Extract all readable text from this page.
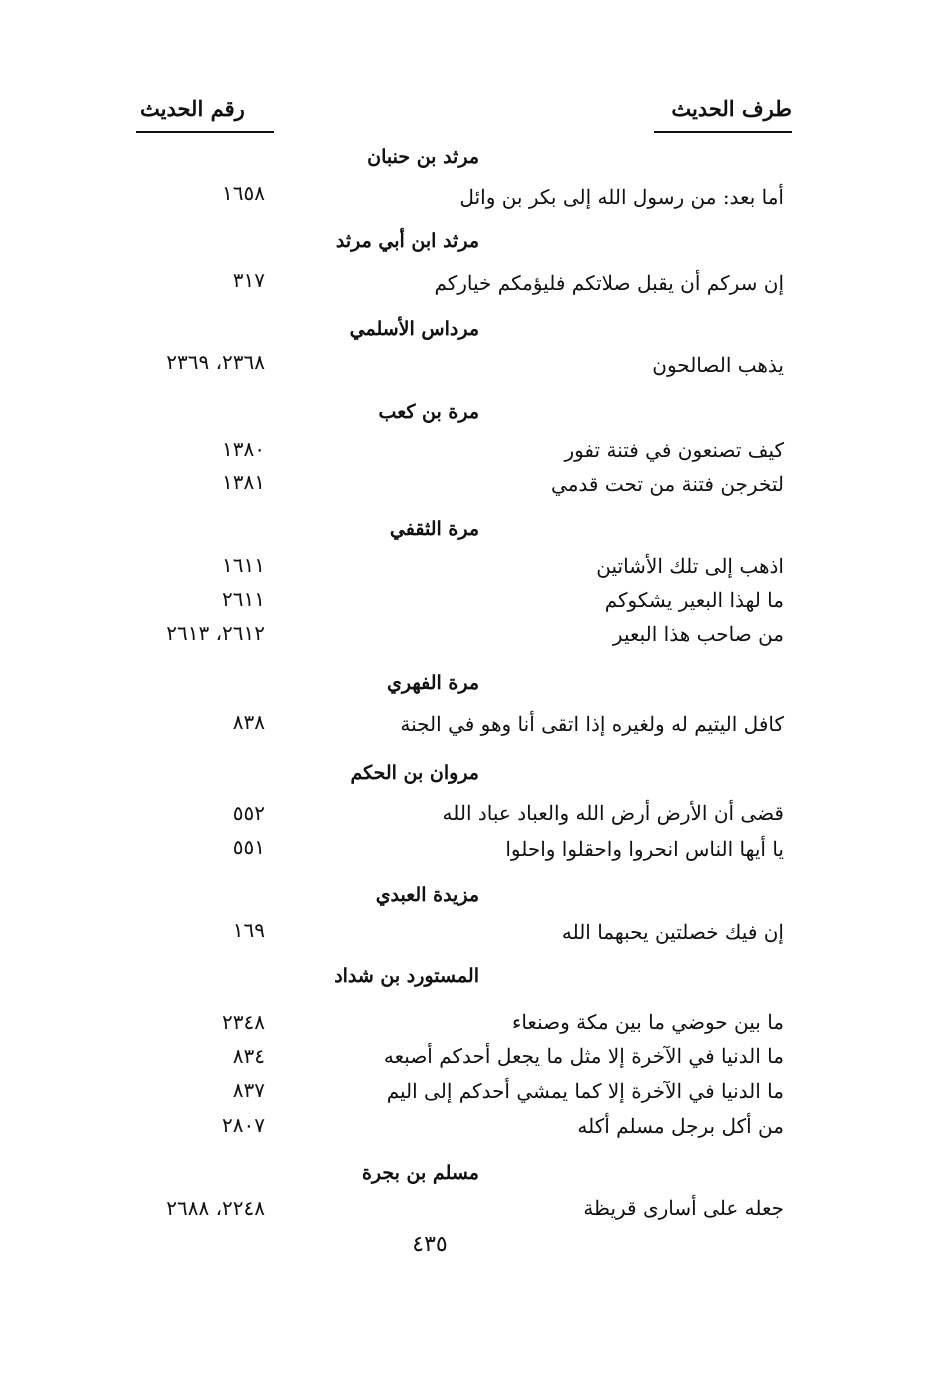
طرف الحديث
رقم الحديث
مرثد بن حنبان
أما بعد: من رسول الله إلى بكر بن وائل
١٦٥٨
مرثد ابن أبي مرثد
إن سركم أن يقبل صلاتكم فليؤمكم خياركم
٣١٧
مرداس الأسلمي
يذهب الصالحون
٢٣٦٨، ٢٣٦٩
مرة بن كعب
كيف تصنعون في فتنة تفور
١٣٨٠
لتخرجن فتنة من تحت قدمي
١٣٨١
مرة الثقفي
اذهب إلى تلك الأشاتين
١٦١١
ما لهذا البعير يشكوكم
٢٦١١
من صاحب هذا البعير
٢٦١٢، ٢٦١٣
مرة الفهري
كافل اليتيم له ولغيره إذا اتقى أنا وهو في الجنة
٨٣٨
مروان بن الحكم
قضى أن الأرض أرض الله والعباد عباد الله
٥٥٢
يا أيها الناس انحروا واحقلوا واحلوا
٥٥١
مزيدة العبدي
إن فيك خصلتين يحبهما الله
١٦٩
المستورد بن شداد
ما بين حوضي ما بين مكة وصنعاء
٢٣٤٨
ما الدنيا في الآخرة إلا مثل ما يجعل أحدكم أصبعه
٨٣٤
ما الدنيا في الآخرة إلا كما يمشي أحدكم إلى اليم
٨٣٧
من أكل برجل مسلم أكله
٢٨٠٧
مسلم بن بجرة
جعله على أسارى قريظة
٢٢٤٨، ٢٦٨٨
٤٣٥
